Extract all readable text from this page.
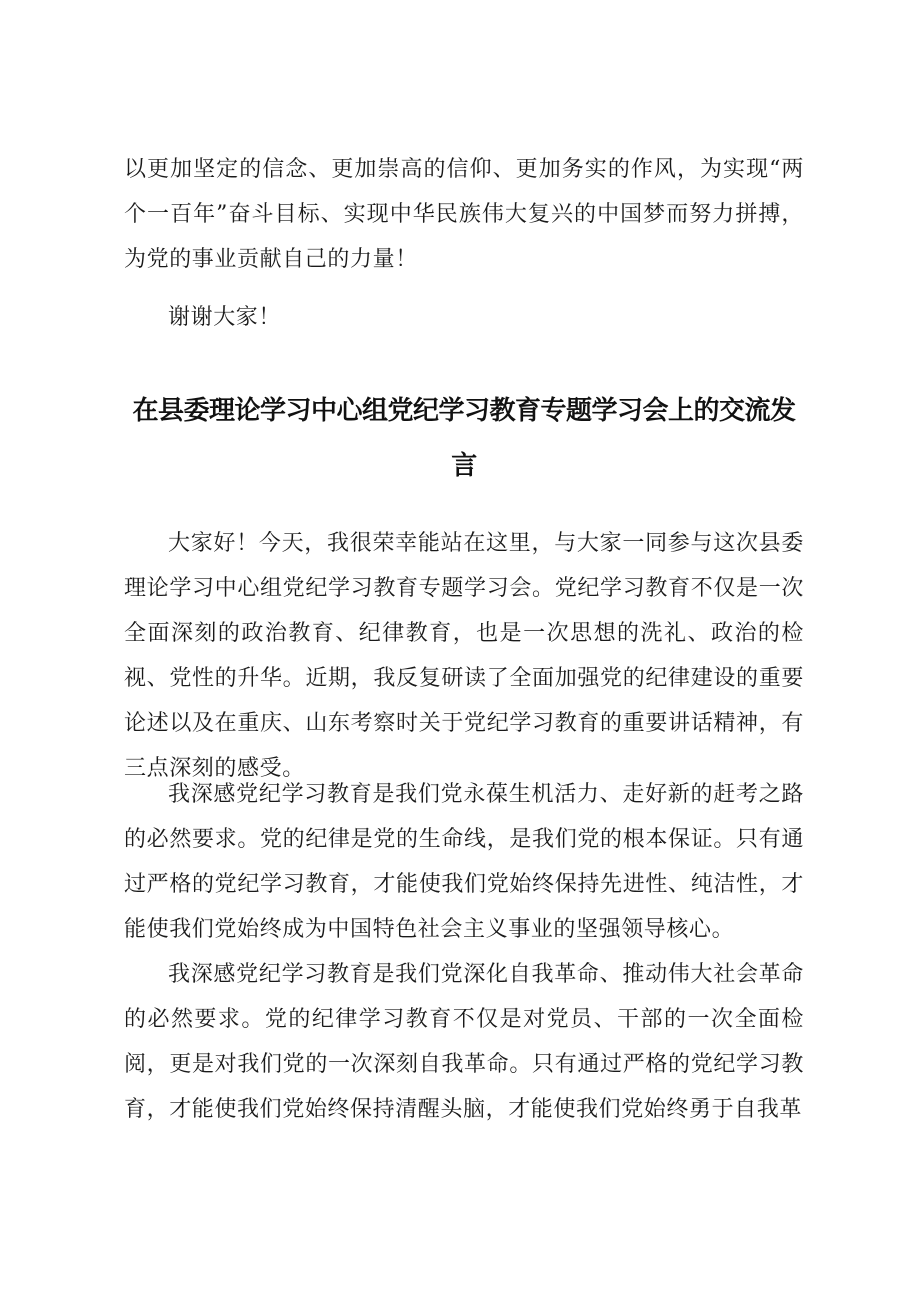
以更加坚定的信念、更加崇高的信仰、更加务实的作风，为实现“两个一百年”奋斗目标、实现中华民族伟大复兴的中国梦而努力拼搏，为党的事业贡献自己的力量！

谢谢大家！

在县委理论学习中心组党纪学习教育专题学习会上的交流发言

大家好！今天，我很荣幸能站在这里，与大家一同参与这次县委理论学习中心组党纪学习教育专题学习会。党纪学习教育不仅是一次全面深刻的政治教育、纪律教育，也是一次思想的洗礼、政治的检视、党性的升华。近期，我反复研读了全面加强党的纪律建设的重要论述以及在重庆、山东考察时关于党纪学习教育的重要讲话精神，有三点深刻的感受。

我深感党纪学习教育是我们党永葆生机活力、走好新的赶考之路的必然要求。党的纪律是党的生命线，是我们党的根本保证。只有通过严格的党纪学习教育，才能使我们党始终保持先进性、纯洁性，才能使我们党始终成为中国特色社会主义事业的坚强领导核心。

我深感党纪学习教育是我们党深化自我革命、推动伟大社会革命的必然要求。党的纪律学习教育不仅是对党员、干部的一次全面检阅，更是对我们党的一次深刻自我革命。只有通过严格的党纪学习教育，才能使我们党始终保持清醒头脑，才能使我们党始终勇于自我革
